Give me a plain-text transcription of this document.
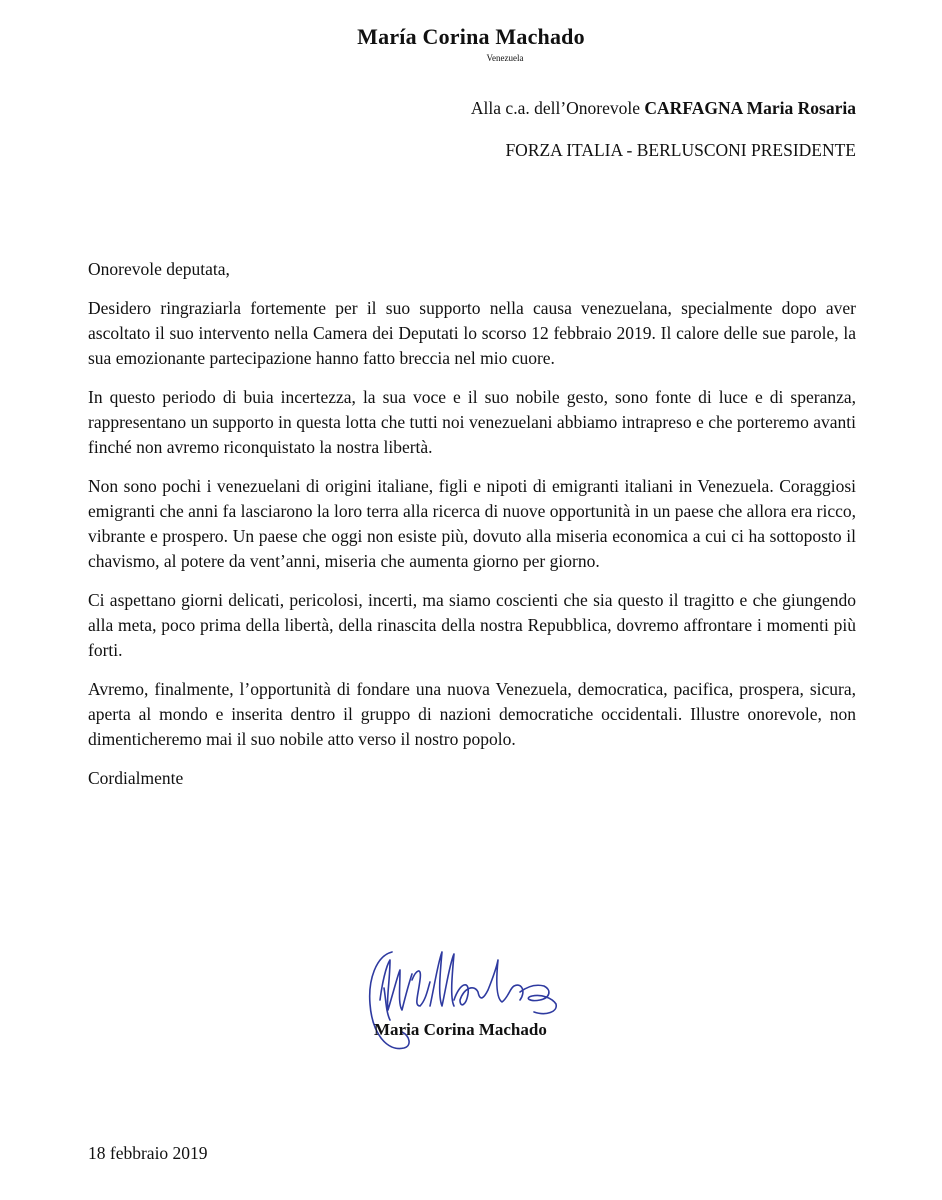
María Corina Machado
Venezuela
Alla c.a. dell’Onorevole CARFAGNA Maria Rosaria
FORZA ITALIA - BERLUSCONI PRESIDENTE

Onorevole deputata,

Desidero ringraziarla fortemente per il suo supporto nella causa venezuelana, specialmente dopo aver ascoltato il suo intervento nella Camera dei Deputati lo scorso 12 febbraio 2019. Il calore delle sue parole, la sua emozionante partecipazione hanno fatto breccia nel mio cuore.

In questo periodo di buia incertezza, la sua voce e il suo nobile gesto, sono fonte di luce e di speranza, rappresentano un supporto in questa lotta che tutti noi venezuelani abbiamo intrapreso e che porteremo avanti finché non avremo riconquistato la nostra libertà.

Non sono pochi i venezuelani di origini italiane, figli e nipoti di emigranti italiani in Venezuela. Coraggiosi emigranti che anni fa lasciarono la loro terra alla ricerca di nuove opportunità in un paese che allora era ricco, vibrante e prospero. Un paese che oggi non esiste più, dovuto alla miseria economica a cui ci ha sottoposto il chavismo, al potere da vent’anni, miseria che aumenta giorno per giorno.

Ci aspettano giorni delicati, pericolosi, incerti, ma siamo coscienti che sia questo il tragitto e che giungendo alla meta, poco prima della libertà, della rinascita della nostra Repubblica, dovremo affrontare i momenti più forti.

Avremo, finalmente, l’opportunità di fondare una nuova Venezuela, democratica, pacifica, prospera, sicura, aperta al mondo e inserita dentro il gruppo di nazioni democratiche occidentali. Illustre onorevole, non dimenticheremo mai il suo nobile atto verso il nostro popolo.

Cordialmente

Maria Corina Machado
18 febbraio 2019
